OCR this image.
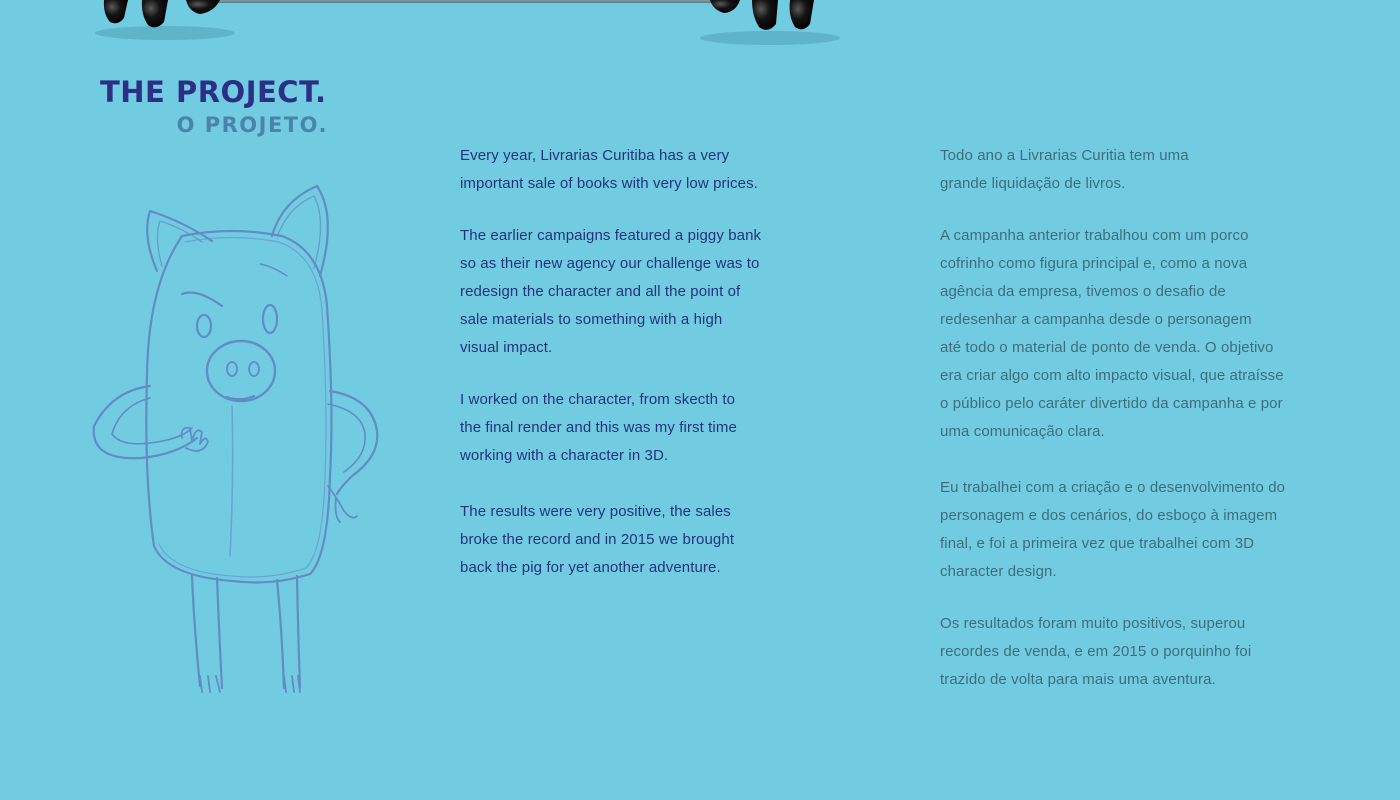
THE PROJECT.
O PROJETO.

Every year, Livrarias Curitiba has a very
important sale of books with very low prices.

The earlier campaigns featured a piggy bank
so as their new agency our challenge was to
redesign the character and all the point of
sale materials to something with a high
visual impact.

I worked on the character, from skecth to
the final render and this was my first time
working with a character in 3D.

The results were very positive, the sales
broke the record and in 2015 we brought
back the pig for yet another adventure.

Todo ano a Livrarias Curitia tem uma
grande liquidação de livros.

A campanha anterior trabalhou com um porco
cofrinho como figura principal e, como a nova
agência da empresa, tivemos o desafio de
redesenhar a campanha desde o personagem
até todo o material de ponto de venda. O objetivo
era criar algo com alto impacto visual, que atraísse
o público pelo caráter divertido da campanha e por
uma comunicação clara.

Eu trabalhei com a criação e o desenvolvimento do
personagem e dos cenários, do esboço à imagem
final, e foi a primeira vez que trabalhei com 3D
character design.

Os resultados foram muito positivos, superou
recordes de venda, e em 2015 o porquinho foi
trazido de volta para mais uma aventura.
